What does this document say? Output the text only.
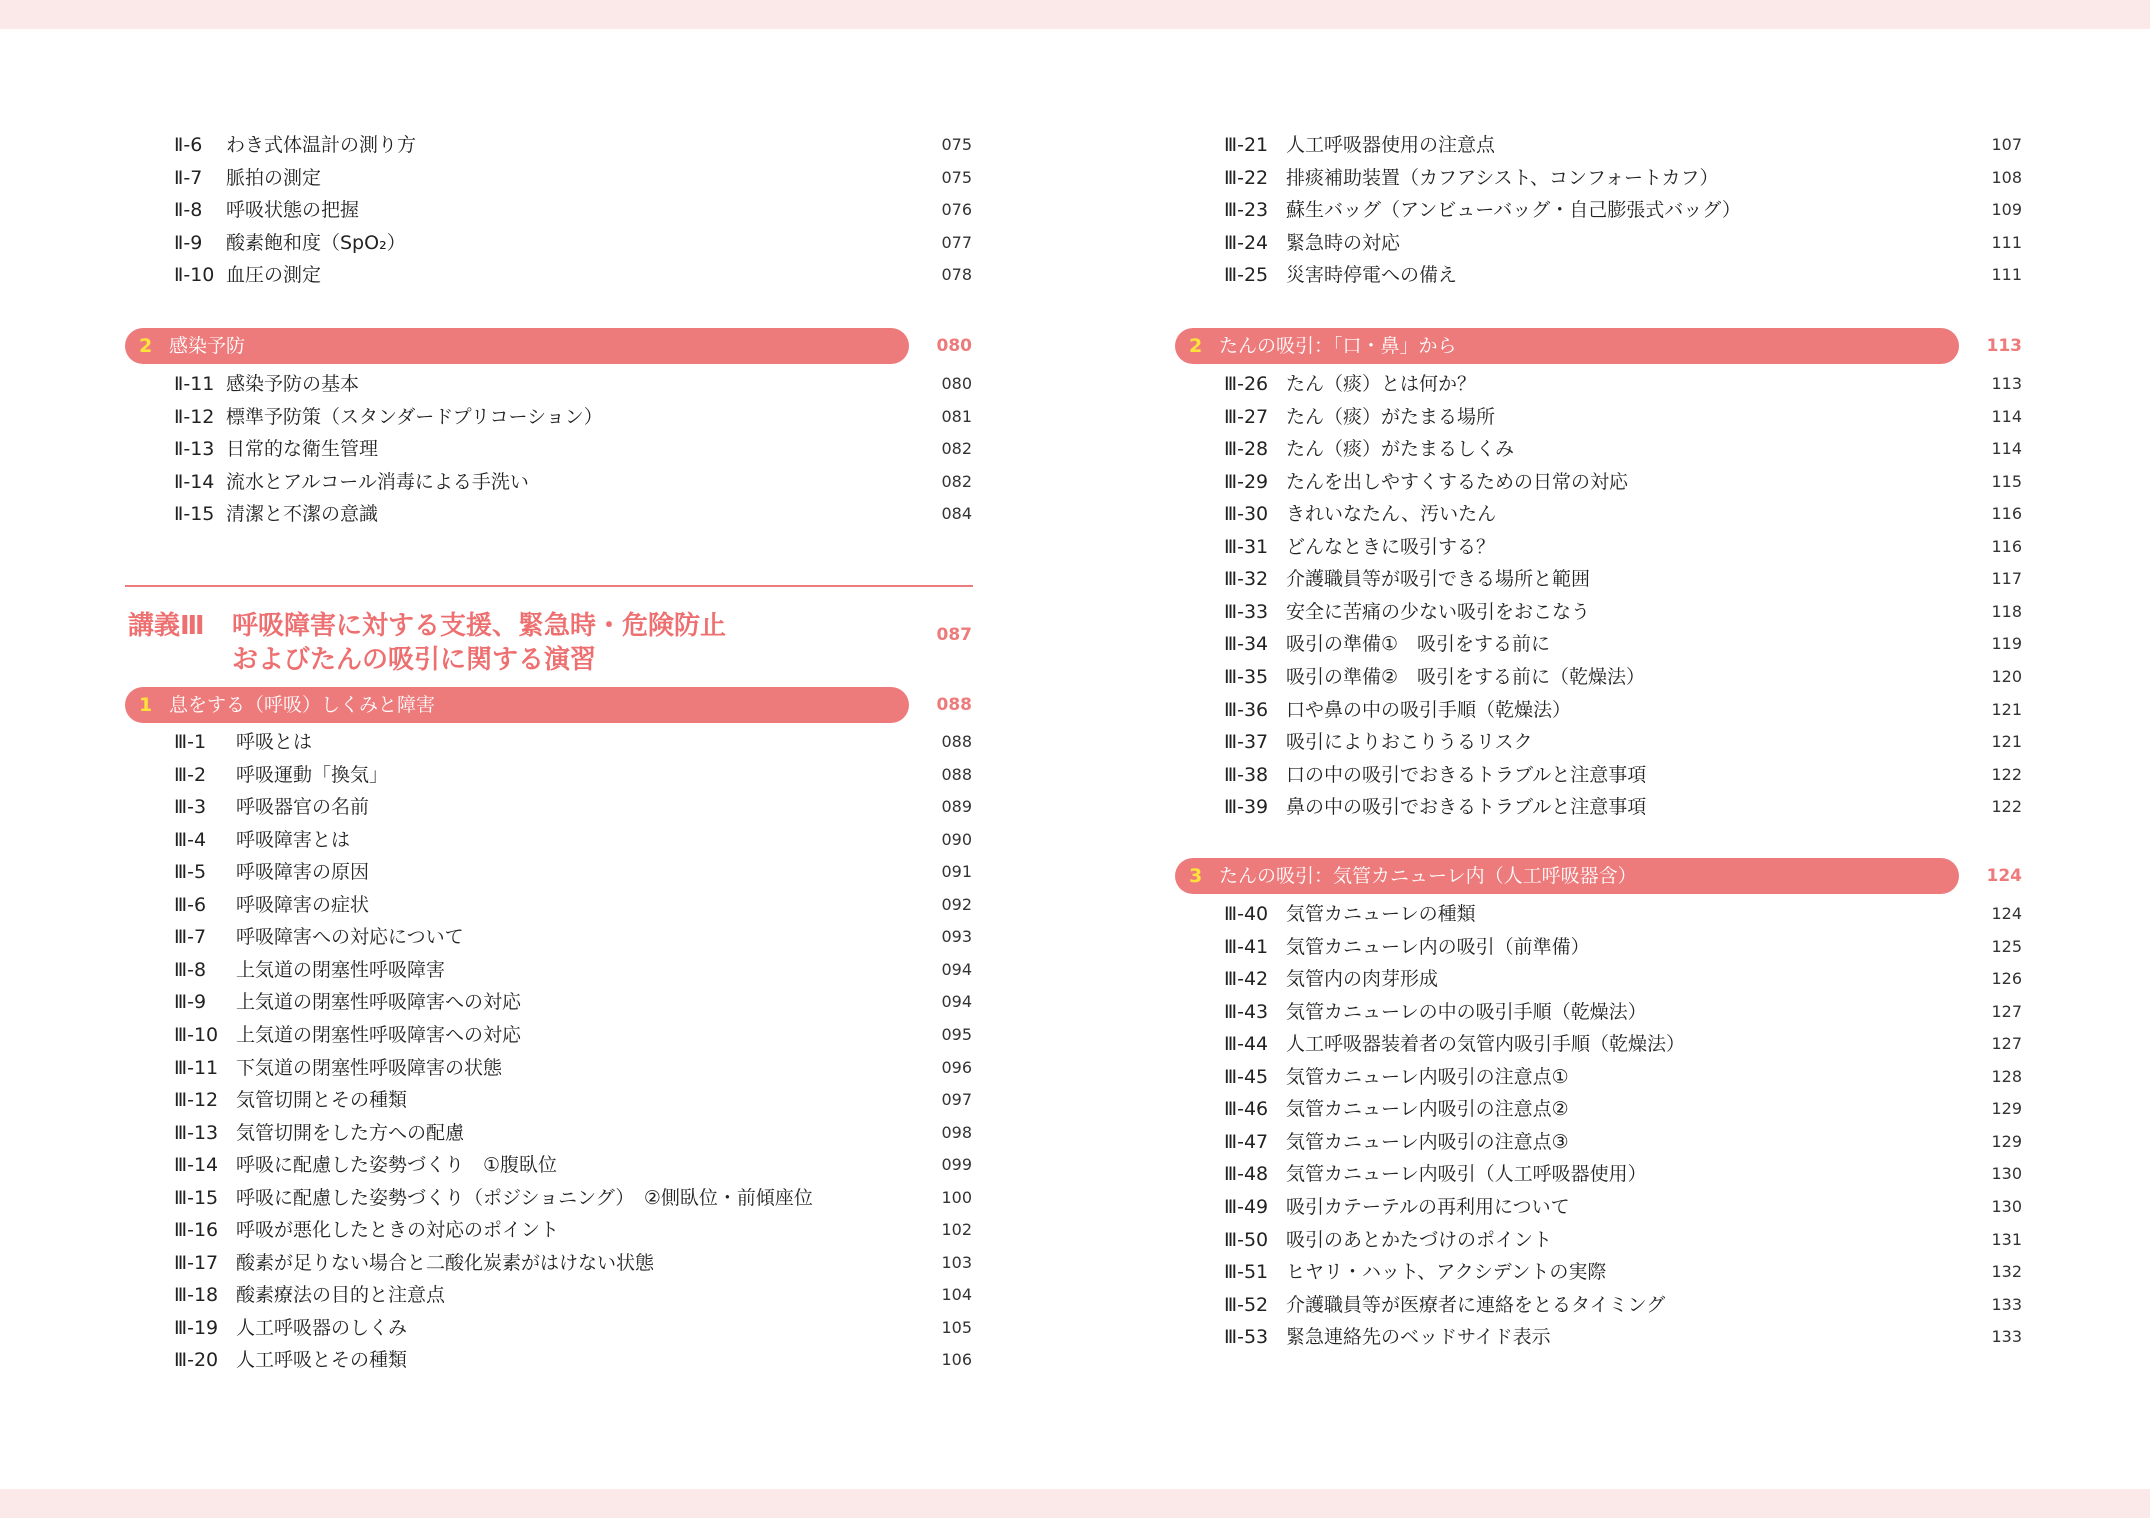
Ⅱ-6 わき式体温計の測り方	075
Ⅱ-7 脈拍の測定	075
Ⅱ-8 呼吸状態の把握	076
Ⅱ-9 酸素飽和度（SpO₂）	077
Ⅱ-10 血圧の測定	078
2 感染予防	080
Ⅱ-11 感染予防の基本	080
Ⅱ-12 標準予防策（スタンダードプリコーション）	081
Ⅱ-13 日常的な衛生管理	082
Ⅱ-14 流水とアルコール消毒による手洗い	082
Ⅱ-15 清潔と不潔の意識	084
講義Ⅲ 呼吸障害に対する支援、緊急時・危険防止
およびたんの吸引に関する演習
087
1 息をする（呼吸）しくみと障害	088
Ⅲ-1 呼吸とは	088
Ⅲ-2 呼吸運動「換気」	088
Ⅲ-3 呼吸器官の名前	089
Ⅲ-4 呼吸障害とは	090
Ⅲ-5 呼吸障害の原因	091
Ⅲ-6 呼吸障害の症状	092
Ⅲ-7 呼吸障害への対応について	093
Ⅲ-8 上気道の閉塞性呼吸障害	094
Ⅲ-9 上気道の閉塞性呼吸障害への対応	094
Ⅲ-10 上気道の閉塞性呼吸障害への対応	095
Ⅲ-11 下気道の閉塞性呼吸障害の状態	096
Ⅲ-12 気管切開とその種類	097
Ⅲ-13 気管切開をした方への配慮	098
Ⅲ-14 呼吸に配慮した姿勢づくり　①腹臥位	099
Ⅲ-15 呼吸に配慮した姿勢づくり（ポジショニング）　②側臥位・前傾座位	100
Ⅲ-16 呼吸が悪化したときの対応のポイント	102
Ⅲ-17 酸素が足りない場合と二酸化炭素がはけない状態	103
Ⅲ-18 酸素療法の目的と注意点	104
Ⅲ-19 人工呼吸器のしくみ	105
Ⅲ-20 人工呼吸とその種類	106
Ⅲ-21 人工呼吸器使用の注意点	107
Ⅲ-22 排痰補助装置（カフアシスト、コンフォートカフ）	108
Ⅲ-23 蘇生バッグ（アンビューバッグ・自己膨張式バッグ）	109
Ⅲ-24 緊急時の対応	111
Ⅲ-25 災害時停電への備え	111
2 たんの吸引：「口・鼻」から	113
Ⅲ-26 たん（痰）とは何か？	113
Ⅲ-27 たん（痰）がたまる場所	114
Ⅲ-28 たん（痰）がたまるしくみ	114
Ⅲ-29 たんを出しやすくするための日常の対応	115
Ⅲ-30 きれいなたん、汚いたん	116
Ⅲ-31 どんなときに吸引する？	116
Ⅲ-32 介護職員等が吸引できる場所と範囲	117
Ⅲ-33 安全に苦痛の少ない吸引をおこなう	118
Ⅲ-34 吸引の準備①　吸引をする前に	119
Ⅲ-35 吸引の準備②　吸引をする前に（乾燥法）	120
Ⅲ-36 口や鼻の中の吸引手順（乾燥法）	121
Ⅲ-37 吸引によりおこりうるリスク	121
Ⅲ-38 口の中の吸引でおきるトラブルと注意事項	122
Ⅲ-39 鼻の中の吸引でおきるトラブルと注意事項	122
3 たんの吸引：気管カニューレ内（人工呼吸器含）	124
Ⅲ-40 気管カニューレの種類	124
Ⅲ-41 気管カニューレ内の吸引（前準備）	125
Ⅲ-42 気管内の肉芽形成	126
Ⅲ-43 気管カニューレの中の吸引手順（乾燥法）	127
Ⅲ-44 人工呼吸器装着者の気管内吸引手順（乾燥法）	127
Ⅲ-45 気管カニューレ内吸引の注意点①	128
Ⅲ-46 気管カニューレ内吸引の注意点②	129
Ⅲ-47 気管カニューレ内吸引の注意点③	129
Ⅲ-48 気管カニューレ内吸引（人工呼吸器使用）	130
Ⅲ-49 吸引カテーテルの再利用について	130
Ⅲ-50 吸引のあとかたづけのポイント	131
Ⅲ-51 ヒヤリ・ハット、アクシデントの実際	132
Ⅲ-52 介護職員等が医療者に連絡をとるタイミング	133
Ⅲ-53 緊急連絡先のベッドサイド表示	133
